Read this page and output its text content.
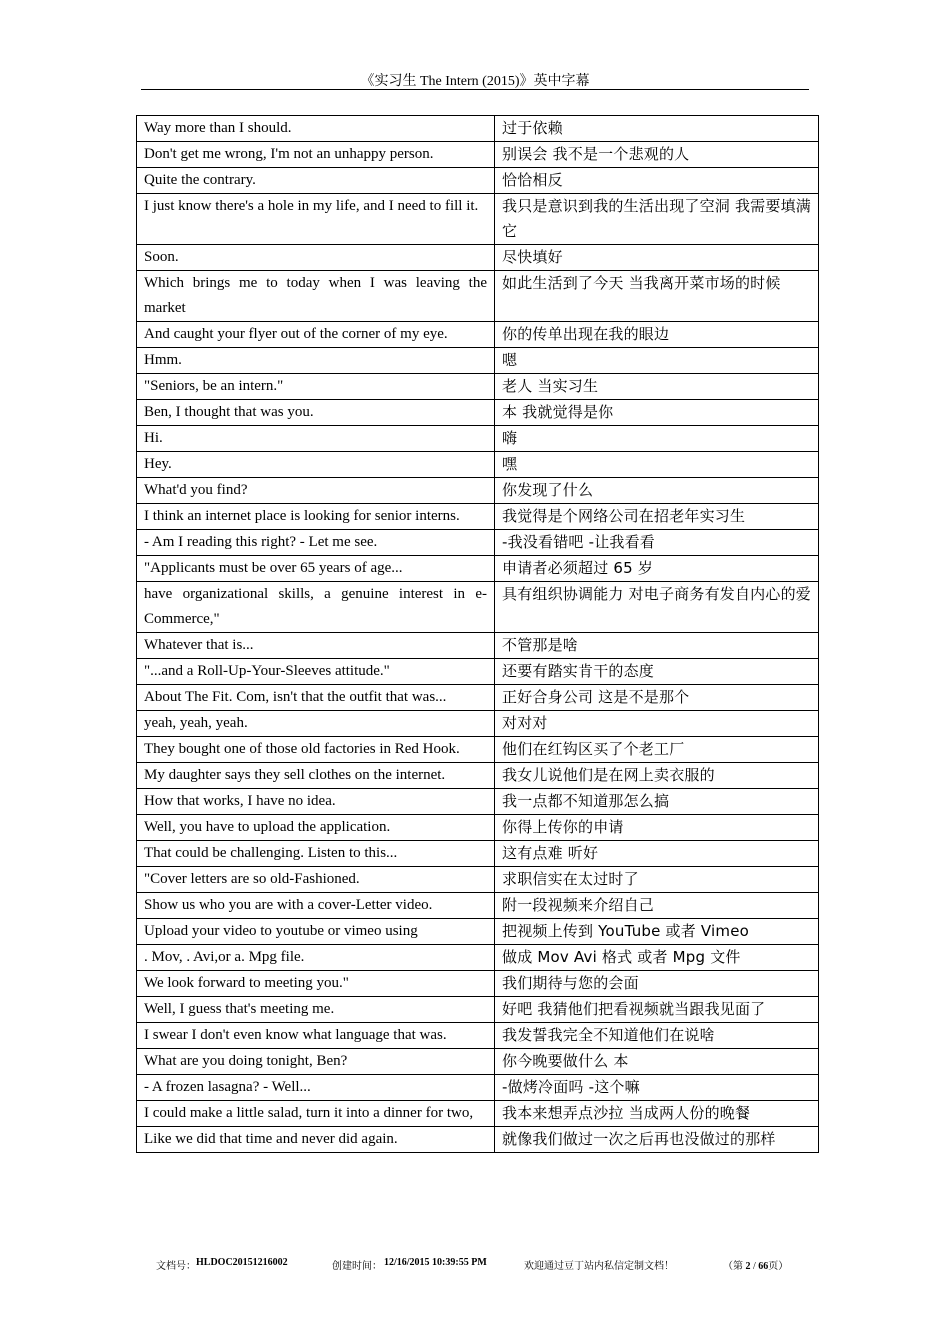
《实习生 The Intern (2015)》英中字幕
Way more than I should.	过于依赖
Don't get me wrong, I'm not an unhappy person.	别误会 我不是一个悲观的人
Quite the contrary.	恰恰相反
I just know there's a hole in my life, and I need to fill it.	我只是意识到我的生活出现了空洞 我需要填满它
Soon.	尽快填好
Which brings me to today when I was leaving the market	如此生活到了今天 当我离开菜市场的时候
And caught your flyer out of the corner of my eye.	你的传单出现在我的眼边
Hmm.	嗯
"Seniors, be an intern."	老人 当实习生
Ben, I thought that was you.	本 我就觉得是你
Hi.	嗨
Hey.	嘿
What'd you find?	你发现了什么
I think an internet place is looking for senior interns.	我觉得是个网络公司在招老年实习生
- Am I reading this right? - Let me see.	-我没看错吧 -让我看看
"Applicants must be over 65 years of age...	申请者必须超过 65 岁
have organizational skills, a genuine interest in e-Commerce,"	具有组织协调能力 对电子商务有发自内心的爱
Whatever that is...	不管那是啥
"...and a Roll-Up-Your-Sleeves attitude."	还要有踏实肯干的态度
About The Fit. Com, isn't that the outfit that was...	正好合身公司 这是不是那个
yeah, yeah, yeah.	对对对
They bought one of those old factories in Red Hook.	他们在红钩区买了个老工厂
My daughter says they sell clothes on the internet.	我女儿说他们是在网上卖衣服的
How that works, I have no idea.	我一点都不知道那怎么搞
Well, you have to upload the application.	你得上传你的申请
That could be challenging. Listen to this...	这有点难 听好
"Cover letters are so old-Fashioned.	求职信实在太过时了
Show us who you are with a cover-Letter video.	附一段视频来介绍自己
Upload your video to youtube or vimeo using	把视频上传到 YouTube 或者 Vimeo
. Mov, . Avi,or a. Mpg file.	做成 Mov Avi 格式 或者 Mpg 文件
We look forward to meeting you."	我们期待与您的会面
Well, I guess that's meeting me.	好吧 我猜他们把看视频就当跟我见面了
I swear I don't even know what language that was.	我发誓我完全不知道他们在说啥
What are you doing tonight, Ben?	你今晚要做什么 本
- A frozen lasagna? - Well...	-做烤冷面吗 -这个嘛
I could make a little salad, turn it into a dinner for two,	我本来想弄点沙拉 当成两人份的晚餐
Like we did that time and never did again.	就像我们做过一次之后再也没做过的那样
文档号： HLDOC20151216002	创建时间： 12/16/2015 10:39:55 PM	欢迎通过豆丁站内私信定制文档！	（第 2 / 66页）
